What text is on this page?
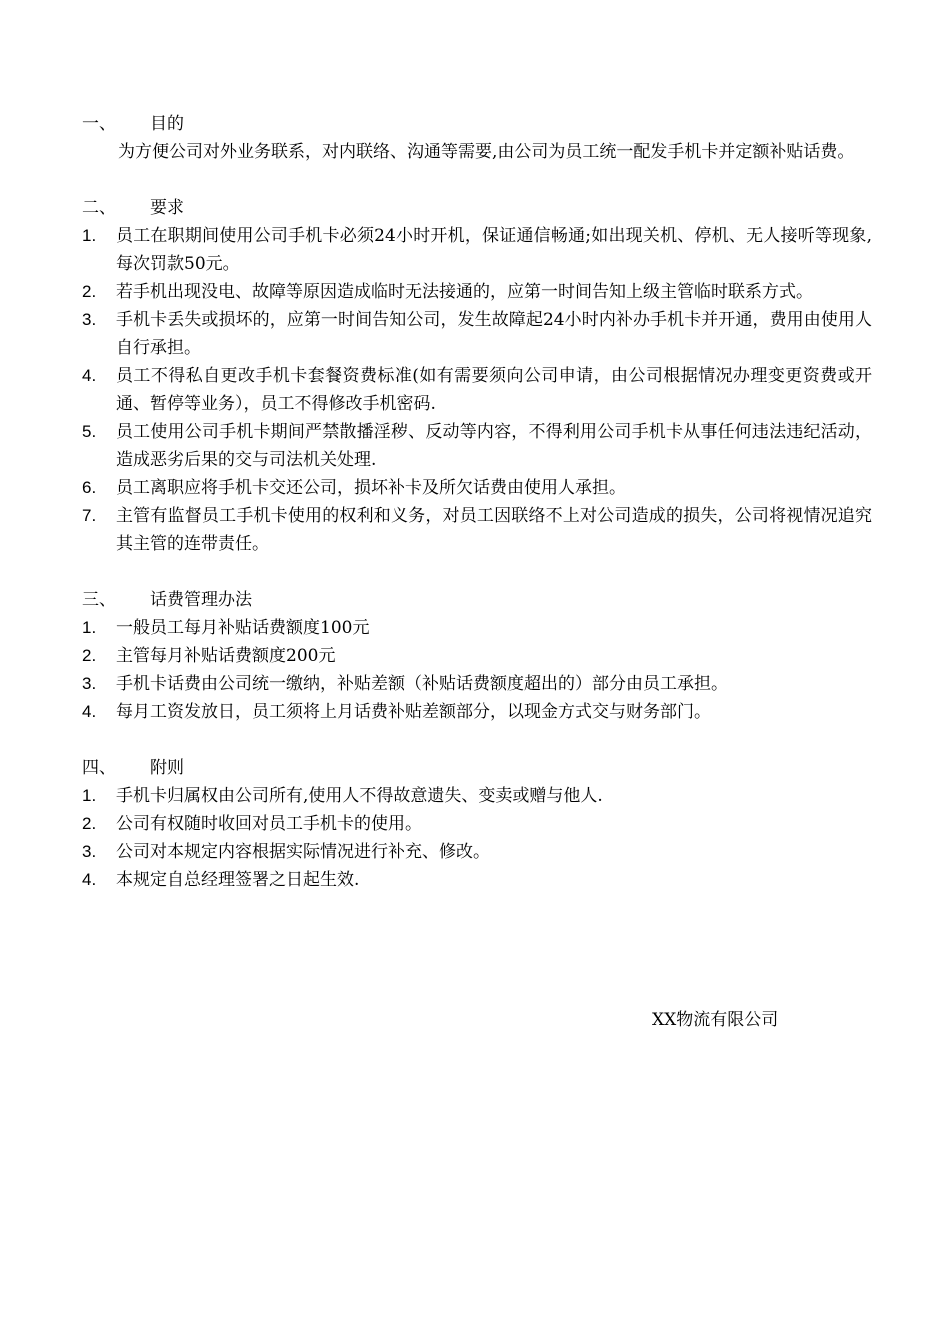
一、	目的

为方便公司对外业务联系，对内联络、沟通等需要,由公司为员工统一配发手机卡并定额补贴话费。

二、	要求
1.	员工在职期间使用公司手机卡必须24小时开机，保证通信畅通;如出现关机、停机、无人接听等现象,每次罚款50元。
2.	若手机出现没电、故障等原因造成临时无法接通的，应第一时间告知上级主管临时联系方式。
3.	手机卡丢失或损坏的，应第一时间告知公司，发生故障起24小时内补办手机卡并开通，费用由使用人自行承担。
4.	员工不得私自更改手机卡套餐资费标准(如有需要须向公司申请，由公司根据情况办理变更资费或开通、暂停等业务），员工不得修改手机密码.
5.	员工使用公司手机卡期间严禁散播淫秽、反动等内容，不得利用公司手机卡从事任何违法违纪活动，造成恶劣后果的交与司法机关处理.
6.	员工离职应将手机卡交还公司，损坏补卡及所欠话费由使用人承担。
7.	主管有监督员工手机卡使用的权利和义务，对员工因联络不上对公司造成的损失，公司将视情况追究其主管的连带责任。
三、	话费管理办法
1.	一般员工每月补贴话费额度100元
2.	主管每月补贴话费额度200元
3.	手机卡话费由公司统一缴纳，补贴差额（补贴话费额度超出的）部分由员工承担。
4.	每月工资发放日，员工须将上月话费补贴差额部分，以现金方式交与财务部门。
四、	附则
1.	手机卡归属权由公司所有,使用人不得故意遗失、变卖或赠与他人.
2.	公司有权随时收回对员工手机卡的使用。
3.	公司对本规定内容根据实际情况进行补充、修改。
4.	本规定自总经理签署之日起生效.
XX物流有限公司
